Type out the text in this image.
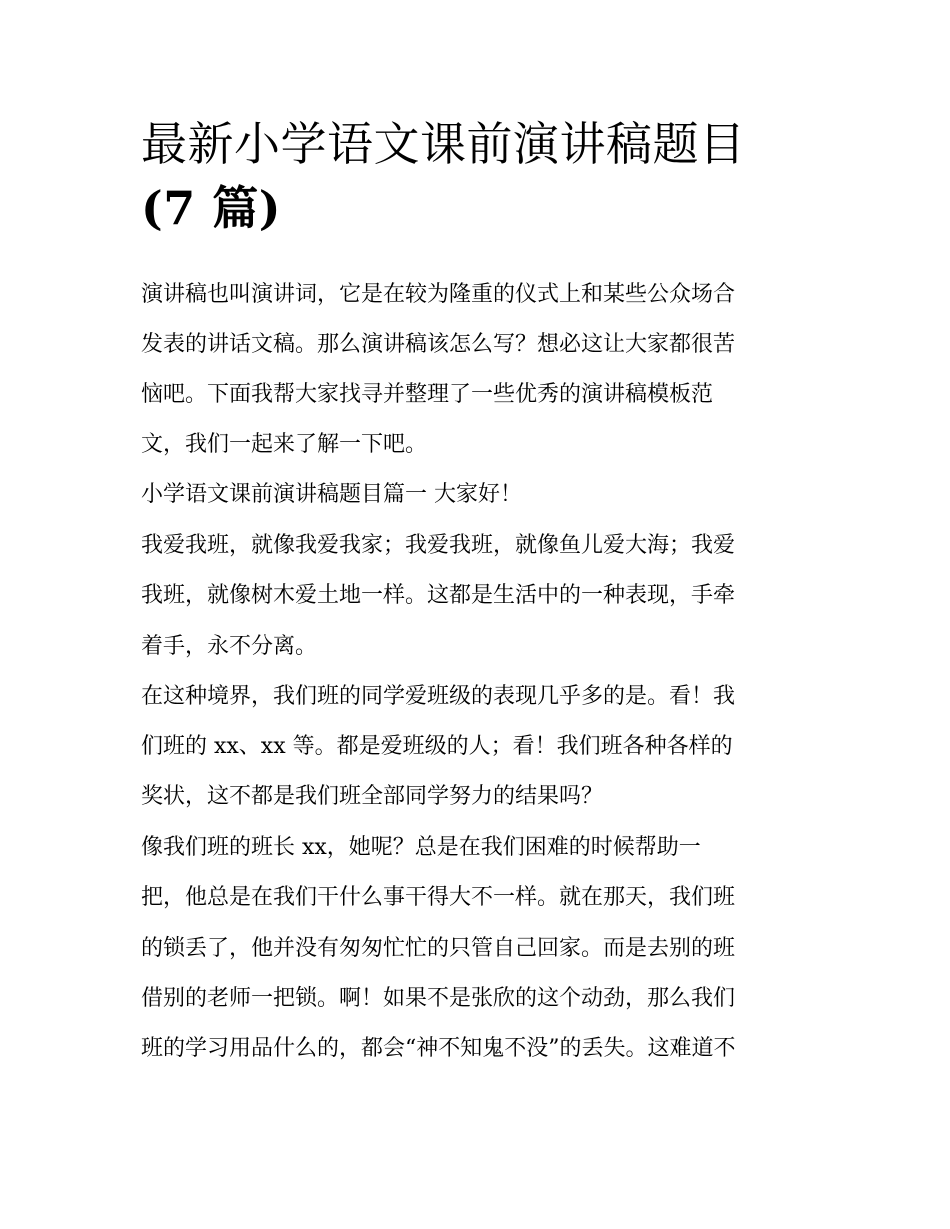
最新小学语文课前演讲稿题目
(7 篇)
演讲稿也叫演讲词，它是在较为隆重的仪式上和某些公众场合
发表的讲话文稿。那么演讲稿该怎么写？想必这让大家都很苦
恼吧。下面我帮大家找寻并整理了一些优秀的演讲稿模板范
文，我们一起来了解一下吧。
小学语文课前演讲稿题目篇一 大家好！
我爱我班，就像我爱我家；我爱我班，就像鱼儿爱大海；我爱
我班，就像树木爱土地一样。这都是生活中的一种表现，手牵
着手，永不分离。
在这种境界，我们班的同学爱班级的表现几乎多的是。看！我
们班的 xx、xx 等。都是爱班级的人；看！我们班各种各样的
奖状，这不都是我们班全部同学努力的结果吗？
像我们班的班长 xx，她呢？总是在我们困难的时候帮助一
把，他总是在我们干什么事干得大不一样。就在那天，我们班
的锁丢了，他并没有匆匆忙忙的只管自己回家。而是去别的班
借别的老师一把锁。啊！如果不是张欣的这个动劲，那么我们
班的学习用品什么的，都会“神不知鬼不没”的丢失。这难道不
